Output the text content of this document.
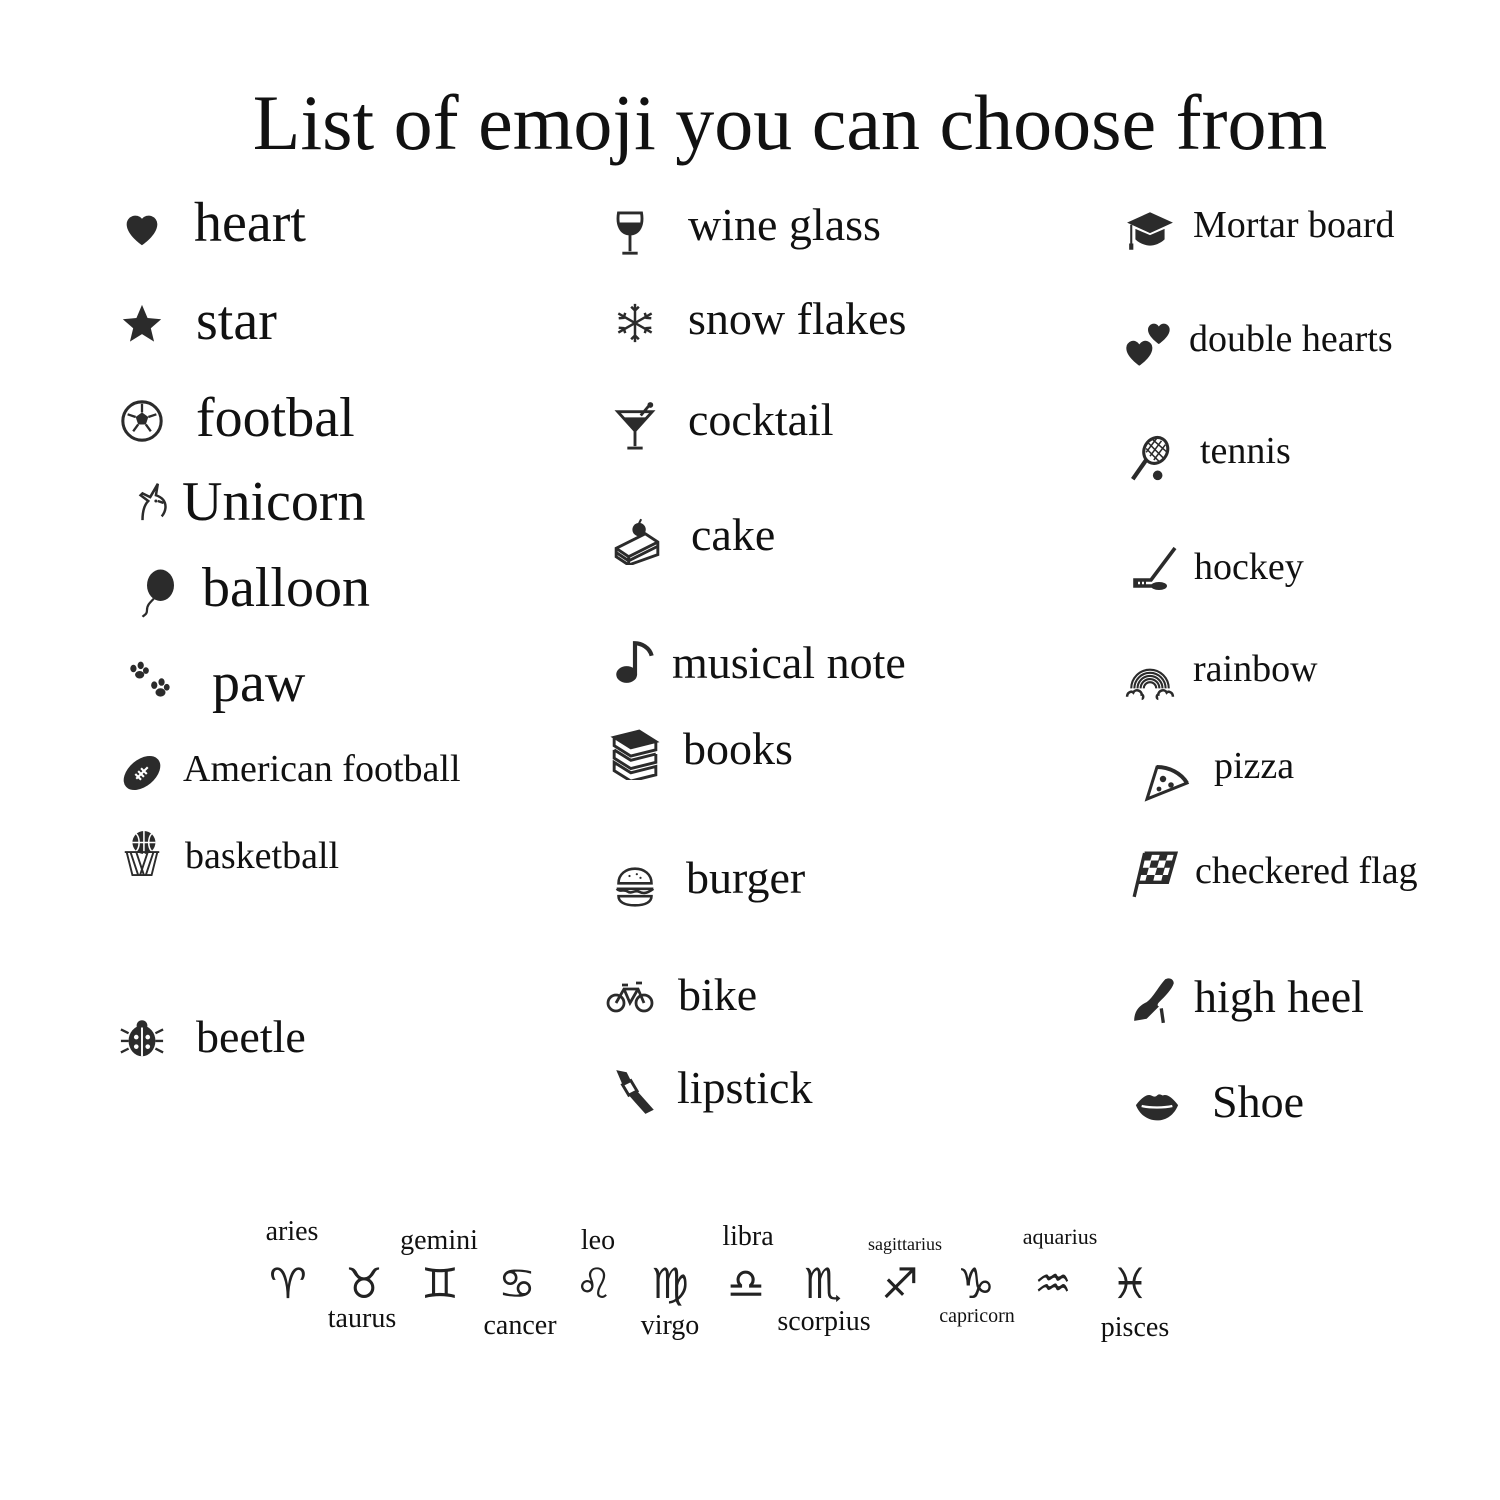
List of emoji you can choose from
heart
star
footbal
Unicorn
balloon
paw
American football
basketball
beetle
wine glass
snow flakes
cocktail
cake
musical note
books
burger
bike
lipstick
Mortar board
double hearts
tennis
hockey
rainbow
pizza
checkered flag
high heel
Shoe
aries
♈
taurus
♉
gemini
♊
cancer
♋
leo
♌
virgo
♍
libra
♎
scorpius
♏
sagittarius
♐
capricorn
♑
aquarius
♒
pisces
♓
